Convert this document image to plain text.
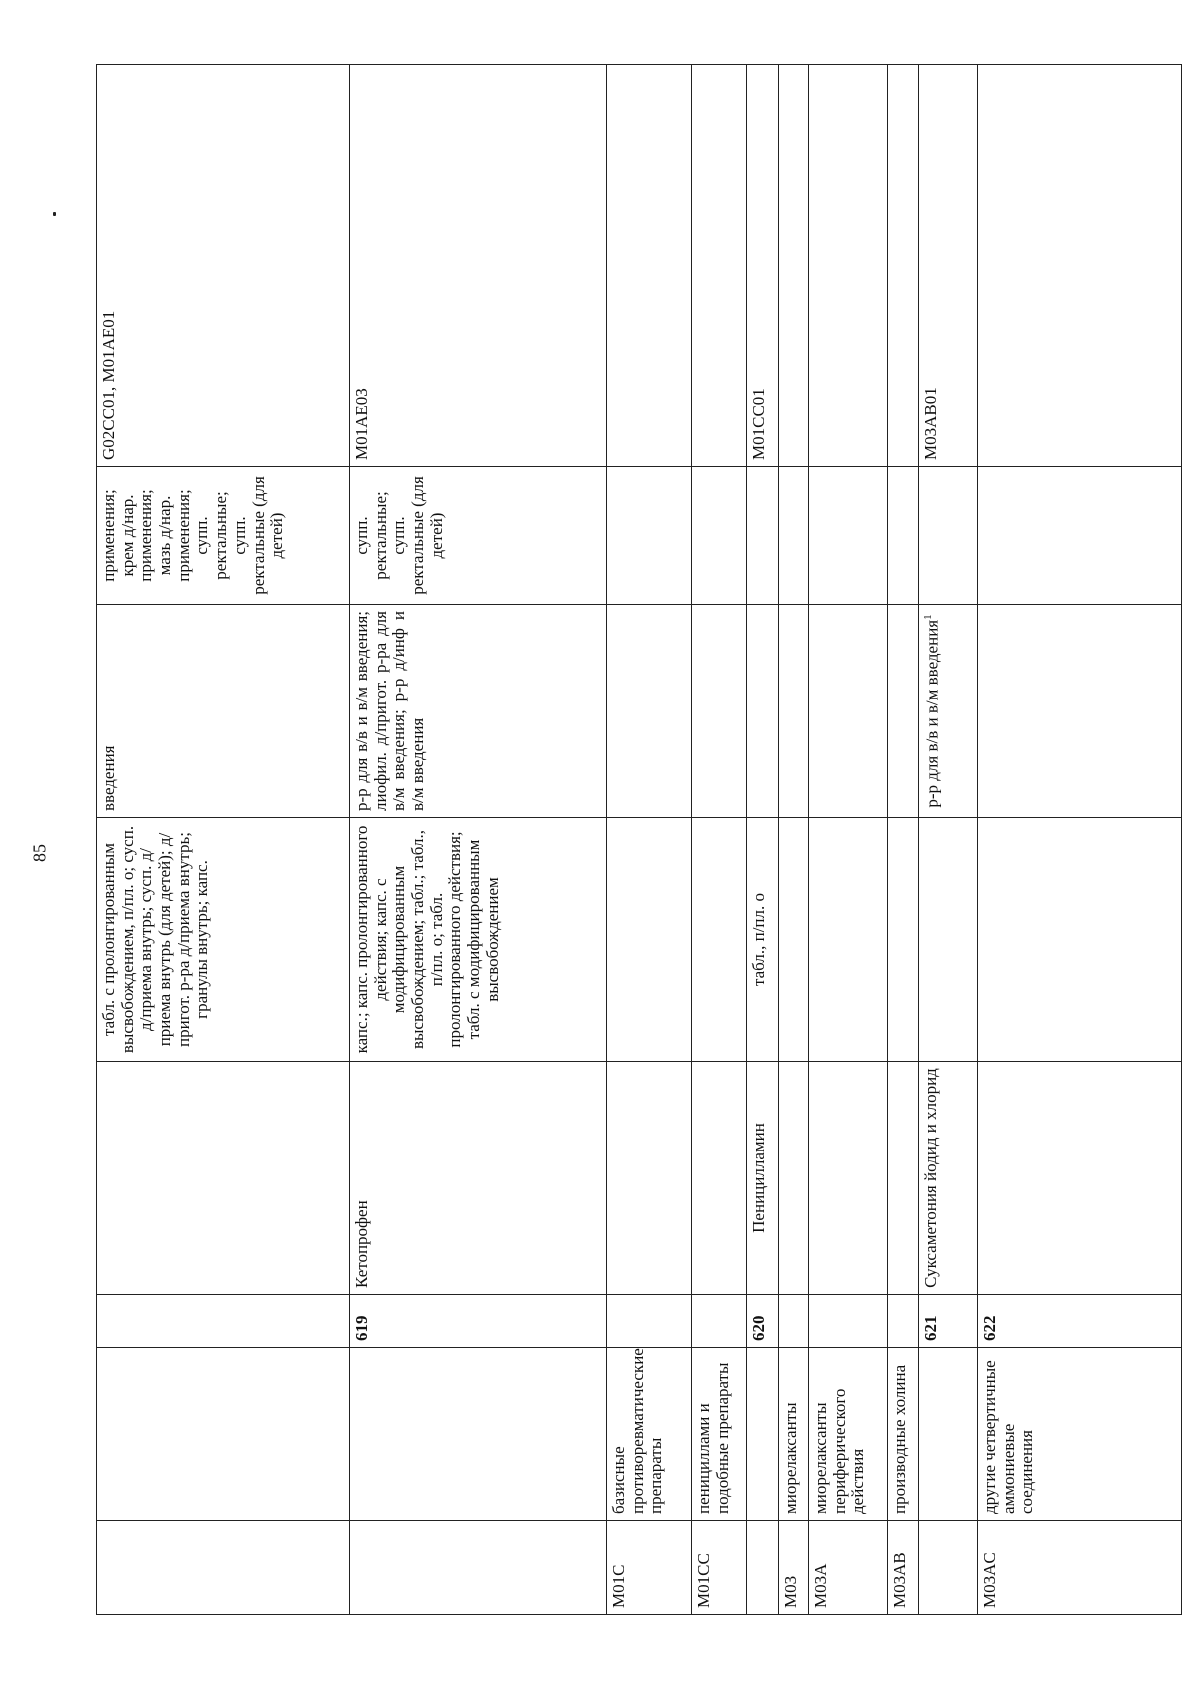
85
					табл. с пролонгированным высвобождением, п/пл. о; сусп. д/приема внутрь; сусп. д/приема внутрь (для детей); д/пригот. р-ра д/приема внутрь; гранулы внутрь; капс.	введения	применения; крем д/нар. применения; мазь д/нар. применения; супп. ректальные; супп. ректальные (для детей)	G02CC01, M01AE01
		619	Кетопрофен	капс.; капс. пролонгированного действия; капс. с модифицированным высвобождением; табл.; табл., п/пл. о; табл. пролонгированного действия; табл. с модифицированным высвобождением	р-р для в/в и в/м введения; лиофил. д/пригот. р-ра для в/м введения; р-р д/инф и в/м введения	супп. ректальные; супп. ректальные (для детей)	M01AE03
M01C	базисные противоревматические препараты						
M01CC	пенициллами и подобные препараты						
		620	Пеницилламин	табл., п/пл. о			M01CC01
M03	миорелаксанты						
M03A	миорелаксанты периферического действия						
M03AB	производные холина						
		621	Суксаметония йодид и хлорид		р-р для в/в и в/м введения$^1$		M03AB01
M03AC	другие четвертичные аммониевые соединения	622					
